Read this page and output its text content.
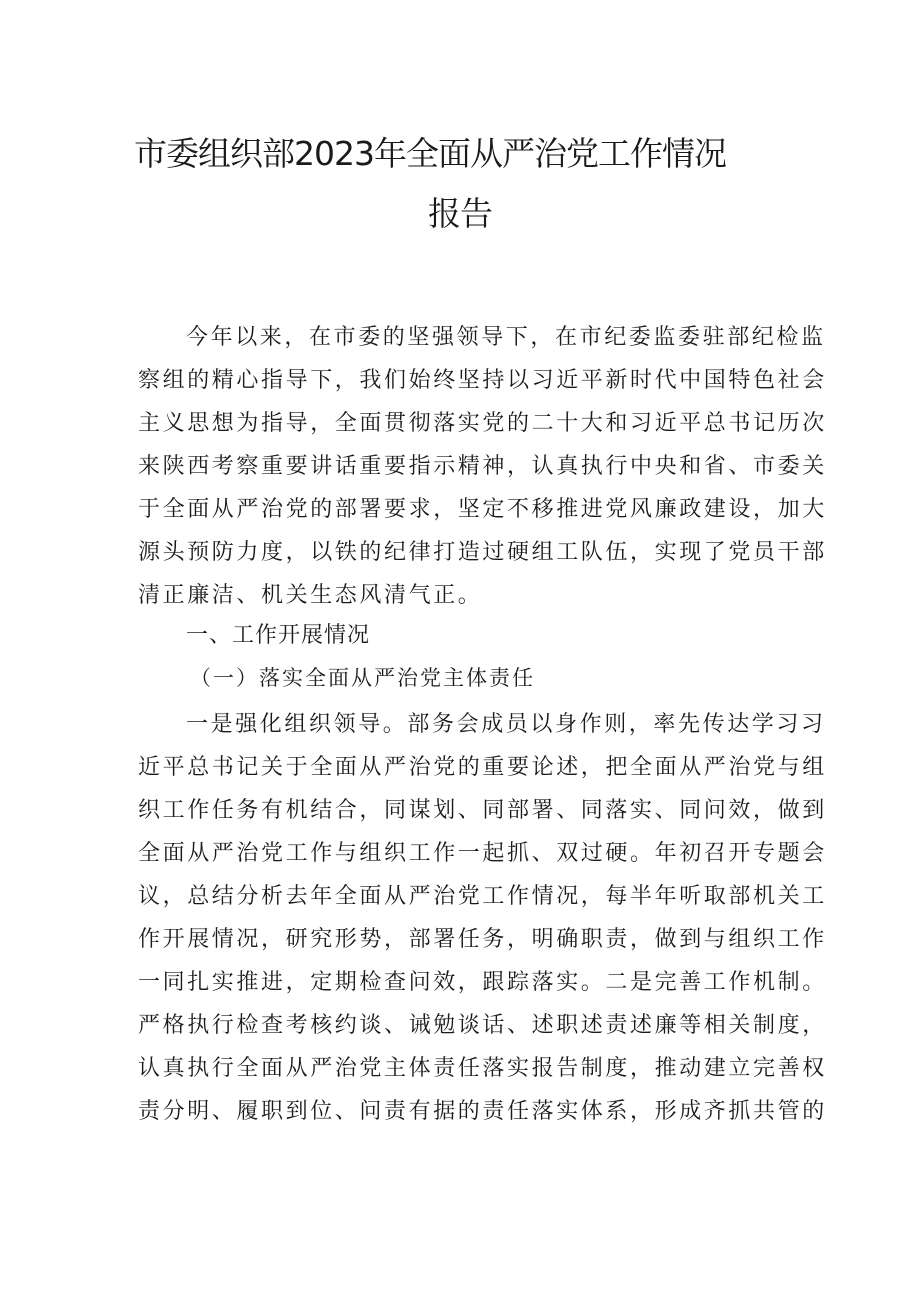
市委组织部2023年全面从严治党工作情况
报告
今年以来，在市委的坚强领导下，在市纪委监委驻部纪检监
察组的精心指导下，我们始终坚持以习近平新时代中国特色社会
主义思想为指导，全面贯彻落实党的二十大和习近平总书记历次
来陕西考察重要讲话重要指示精神，认真执行中央和省、市委关
于全面从严治党的部署要求，坚定不移推进党风廉政建设，加大
源头预防力度，以铁的纪律打造过硬组工队伍，实现了党员干部
清正廉洁、机关生态风清气正。
一、工作开展情况
（一）落实全面从严治党主体责任
一是强化组织领导。部务会成员以身作则，率先传达学习习
近平总书记关于全面从严治党的重要论述，把全面从严治党与组
织工作任务有机结合，同谋划、同部署、同落实、同问效，做到
全面从严治党工作与组织工作一起抓、双过硬。年初召开专题会
议，总结分析去年全面从严治党工作情况，每半年听取部机关工
作开展情况，研究形势，部署任务，明确职责，做到与组织工作
一同扎实推进，定期检查问效，跟踪落实。二是完善工作机制。
严格执行检查考核约谈、诫勉谈话、述职述责述廉等相关制度，
认真执行全面从严治党主体责任落实报告制度，推动建立完善权
责分明、履职到位、问责有据的责任落实体系，形成齐抓共管的
